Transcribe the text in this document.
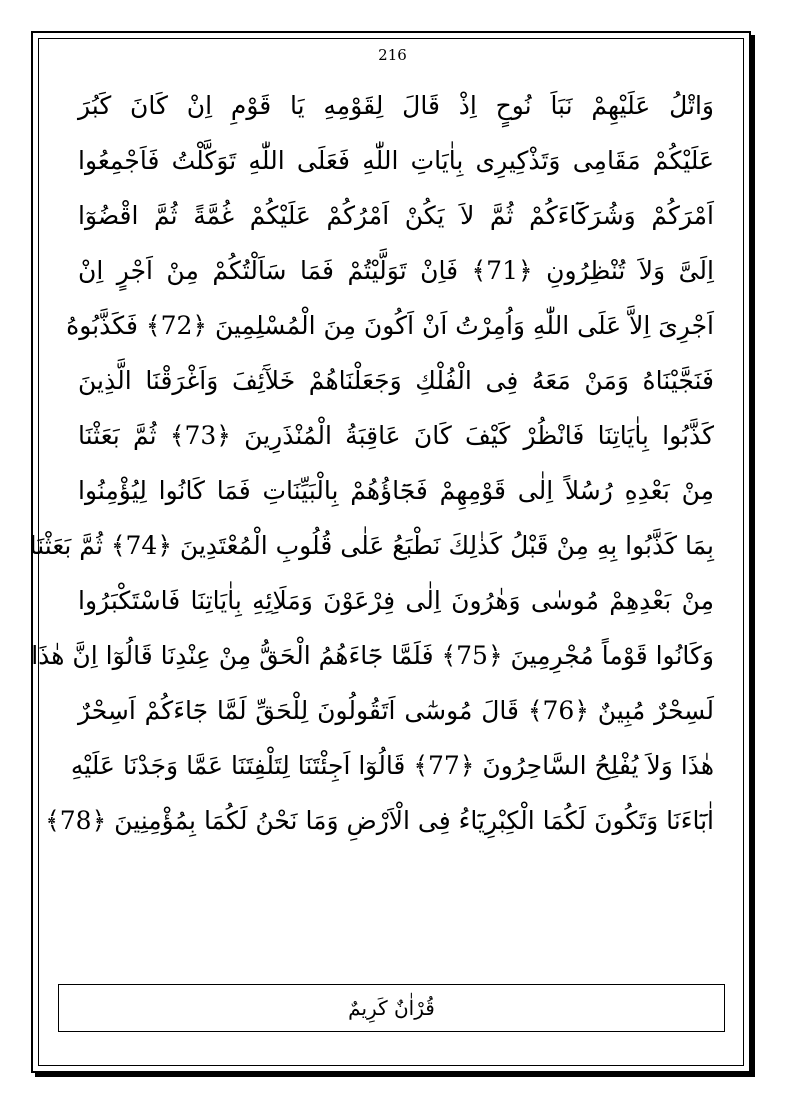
216
وَاتْلُ عَلَيْهِمْ نَبَاَ نُوحٍ اِذْ قَالَ لِقَوْمِهِ يَا قَوْمِ اِنْ كَانَ كَبُرَ
عَلَيْكُمْ مَقَامِى وَتَذْكِيرِى بِاٰيَاتِ اللّٰهِ فَعَلَى اللّٰهِ تَوَكَّلْتُ فَاَجْمِعُوا
اَمْرَكُمْ وَشُرَكَٓاءَكُمْ ثُمَّ لاَ يَكُنْ اَمْرُكُمْ عَلَيْكُمْ غُمَّةً ثُمَّ اقْضُوٓا
اِلَىَّ وَلاَ تُنْظِرُونِ ﴿71﴾ فَاِنْ تَوَلَّيْتُمْ فَمَا سَاَلْتُكُمْ مِنْ اَجْرٍ اِنْ
اَجْرِىَ اِلاَّ عَلَى اللّٰهِ وَاُمِرْتُ اَنْ اَكُونَ مِنَ الْمُسْلِمِينَ ﴿72﴾ فَكَذَّبُوهُ
فَنَجَّيْنَاهُ وَمَنْ مَعَهُ فِى الْفُلْكِ وَجَعَلْنَاهُمْ خَلآَئِفَ وَاَغْرَقْنَا الَّذِينَ
كَذَّبُوا بِاٰيَاتِنَا فَانْظُرْ كَيْفَ كَانَ عَاقِبَةُ الْمُنْذَرِينَ ﴿73﴾ ثُمَّ بَعَثْنَا
مِنْ بَعْدِهِ رُسُلاً اِلٰى قَوْمِهِمْ فَجَٓاؤُهُمْ بِالْبَيِّنَاتِ فَمَا كَانُوا لِيُؤْمِنُوا
بِمَا كَذَّبُوا بِهِ مِنْ قَبْلُ كَذٰلِكَ نَطْبَعُ عَلٰى قُلُوبِ الْمُعْتَدِينَ ﴿74﴾ ثُمَّ بَعَثْنَا
مِنْ بَعْدِهِمْ مُوسٰى وَهٰرُونَ اِلٰى فِرْعَوْنَ وَمَلَاِئِهِ بِاٰيَاتِنَا فَاسْتَكْبَرُوا
وَكَانُوا قَوْماً مُجْرِمِينَ ﴿75﴾ فَلَمَّا جَٓاءَهُمُ الْحَقُّ مِنْ عِنْدِنَا قَالُوٓا اِنَّ هٰذَا
لَسِحْرٌ مُبِينٌ ﴿76﴾ قَالَ مُوسٰٓى اَتَقُولُونَ لِلْحَقِّ لَمَّا جَٓاءَكُمْ اَسِحْرٌ
هٰذَا وَلاَ يُفْلِحُ السَّاحِرُونَ ﴿77﴾ قَالُوٓا اَجِئْتَنَا لِتَلْفِتَنَا عَمَّا وَجَدْنَا عَلَيْهِ
اٰبَٓاءَنَا وَتَكُونَ لَكُمَا الْكِبْرِيَٓاءُ فِى الْاَرْضِ وَمَا نَحْنُ لَكُمَا بِمُؤْمِنِينَ ﴿78﴾
قُرْاٰنٌ كَرِيمٌ
